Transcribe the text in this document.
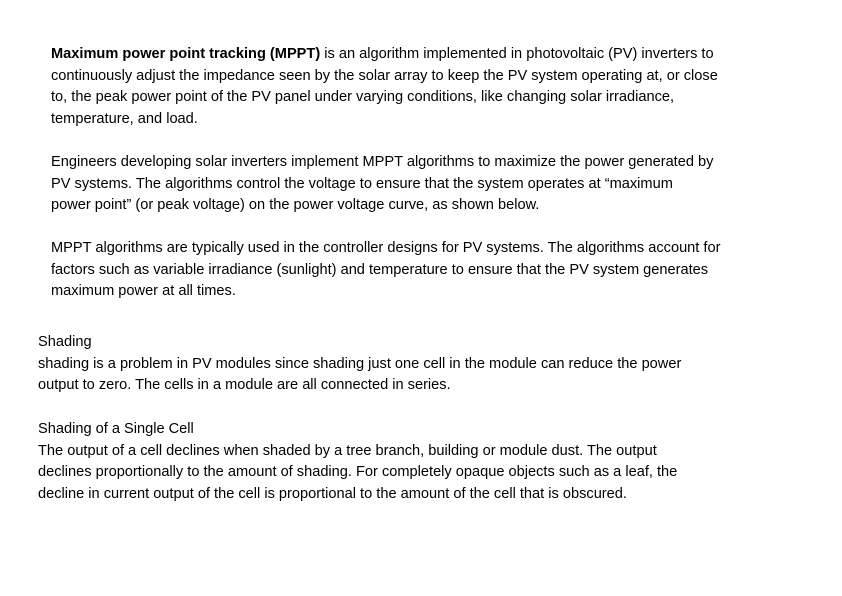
Maximum power point tracking (MPPT) is an algorithm implemented in photovoltaic (PV) inverters to
continuously adjust the impedance seen by the solar array to keep the PV system operating at, or close
to, the peak power point of the PV panel under varying conditions, like changing solar irradiance,
temperature, and load.

Engineers developing solar inverters implement MPPT algorithms to maximize the power generated by
PV systems. The algorithms control the voltage to ensure that the system operates at “maximum
power point” (or peak voltage) on the power voltage curve, as shown below.

MPPT algorithms are typically used in the controller designs for PV systems. The algorithms account for
factors such as variable irradiance (sunlight) and temperature to ensure that the PV system generates
maximum power at all times.

Shading
shading is a problem in PV modules since shading just one cell in the module can reduce the power
output to zero. The cells in a module are all connected in series.

Shading of a Single Cell
The output of a cell declines when shaded by a tree branch, building or module dust. The output
declines proportionally to the amount of shading. For completely opaque objects such as a leaf, the
decline in current output of the cell is proportional to the amount of the cell that is obscured.
